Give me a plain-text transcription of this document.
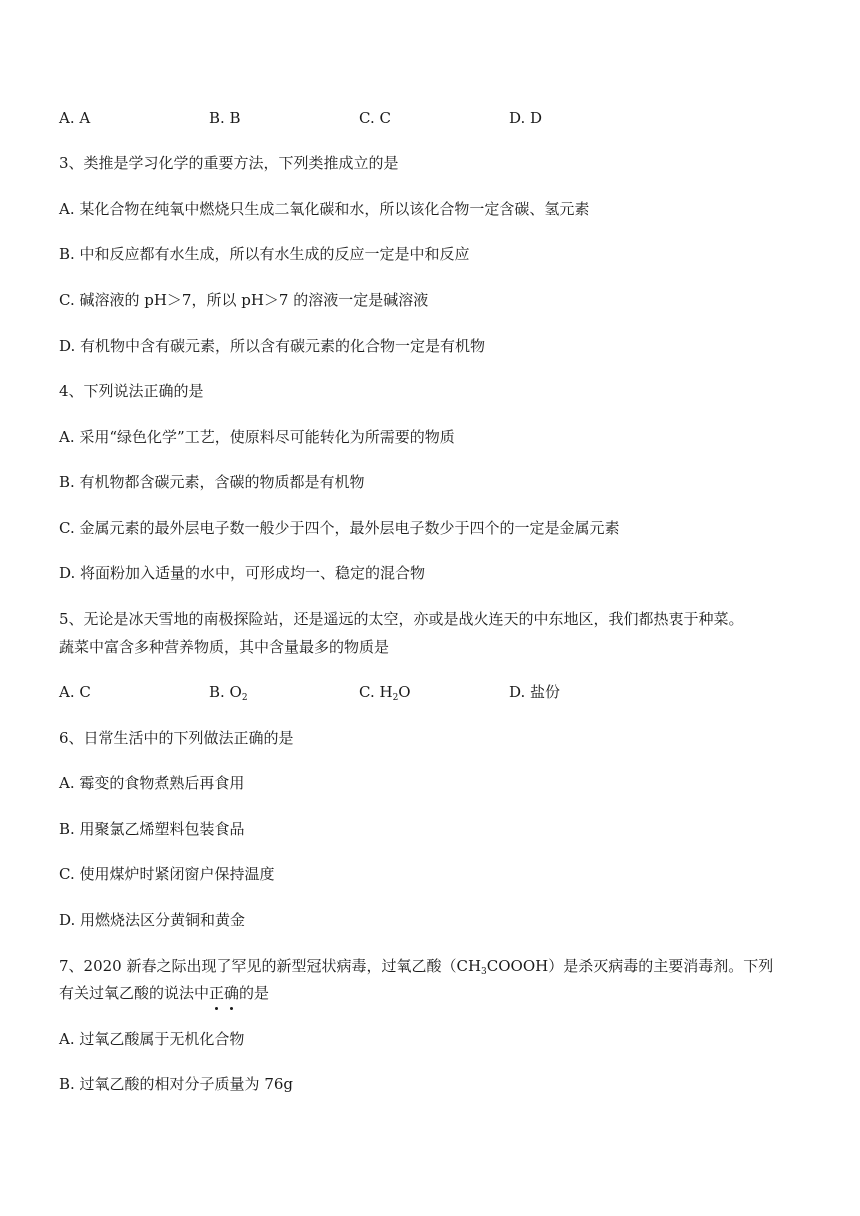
A. A	B. B	C. C	D. D
3、类推是学习化学的重要方法，下列类推成立的是
A. 某化合物在纯氧中燃烧只生成二氧化碳和水，所以该化合物一定含碳、氢元素
B. 中和反应都有水生成，所以有水生成的反应一定是中和反应
C. 碱溶液的 pH＞7，所以 pH＞7 的溶液一定是碱溶液
D. 有机物中含有碳元素，所以含有碳元素的化合物一定是有机物
4、下列说法正确的是
A. 采用“绿色化学”工艺，使原料尽可能转化为所需要的物质
B. 有机物都含碳元素，含碳的物质都是有机物
C. 金属元素的最外层电子数一般少于四个，最外层电子数少于四个的一定是金属元素
D. 将面粉加入适量的水中，可形成均一、稳定的混合物
5、无论是冰天雪地的南极探险站，还是遥远的太空，亦或是战火连天的中东地区，我们都热衷于种菜。
蔬菜中富含多种营养物质，其中含量最多的物质是
A. C	B. $O_2$	C. $H_2O$	D. 盐份
6、日常生活中的下列做法正确的是
A. 霉变的食物煮熟后再食用
B. 用聚氯乙烯塑料包装食品
C. 使用煤炉时紧闭窗户保持温度
D. 用燃烧法区分黄铜和黄金
7、2020 新春之际出现了罕见的新型冠状病毒，过氧乙酸$(CH_3COOOH)$是杀灭病毒的主要消毒剂。下列
有关过氧乙酸的说法中正确的是
A. 过氧乙酸属于无机化合物
B. 过氧乙酸的相对分子质量为 76g
